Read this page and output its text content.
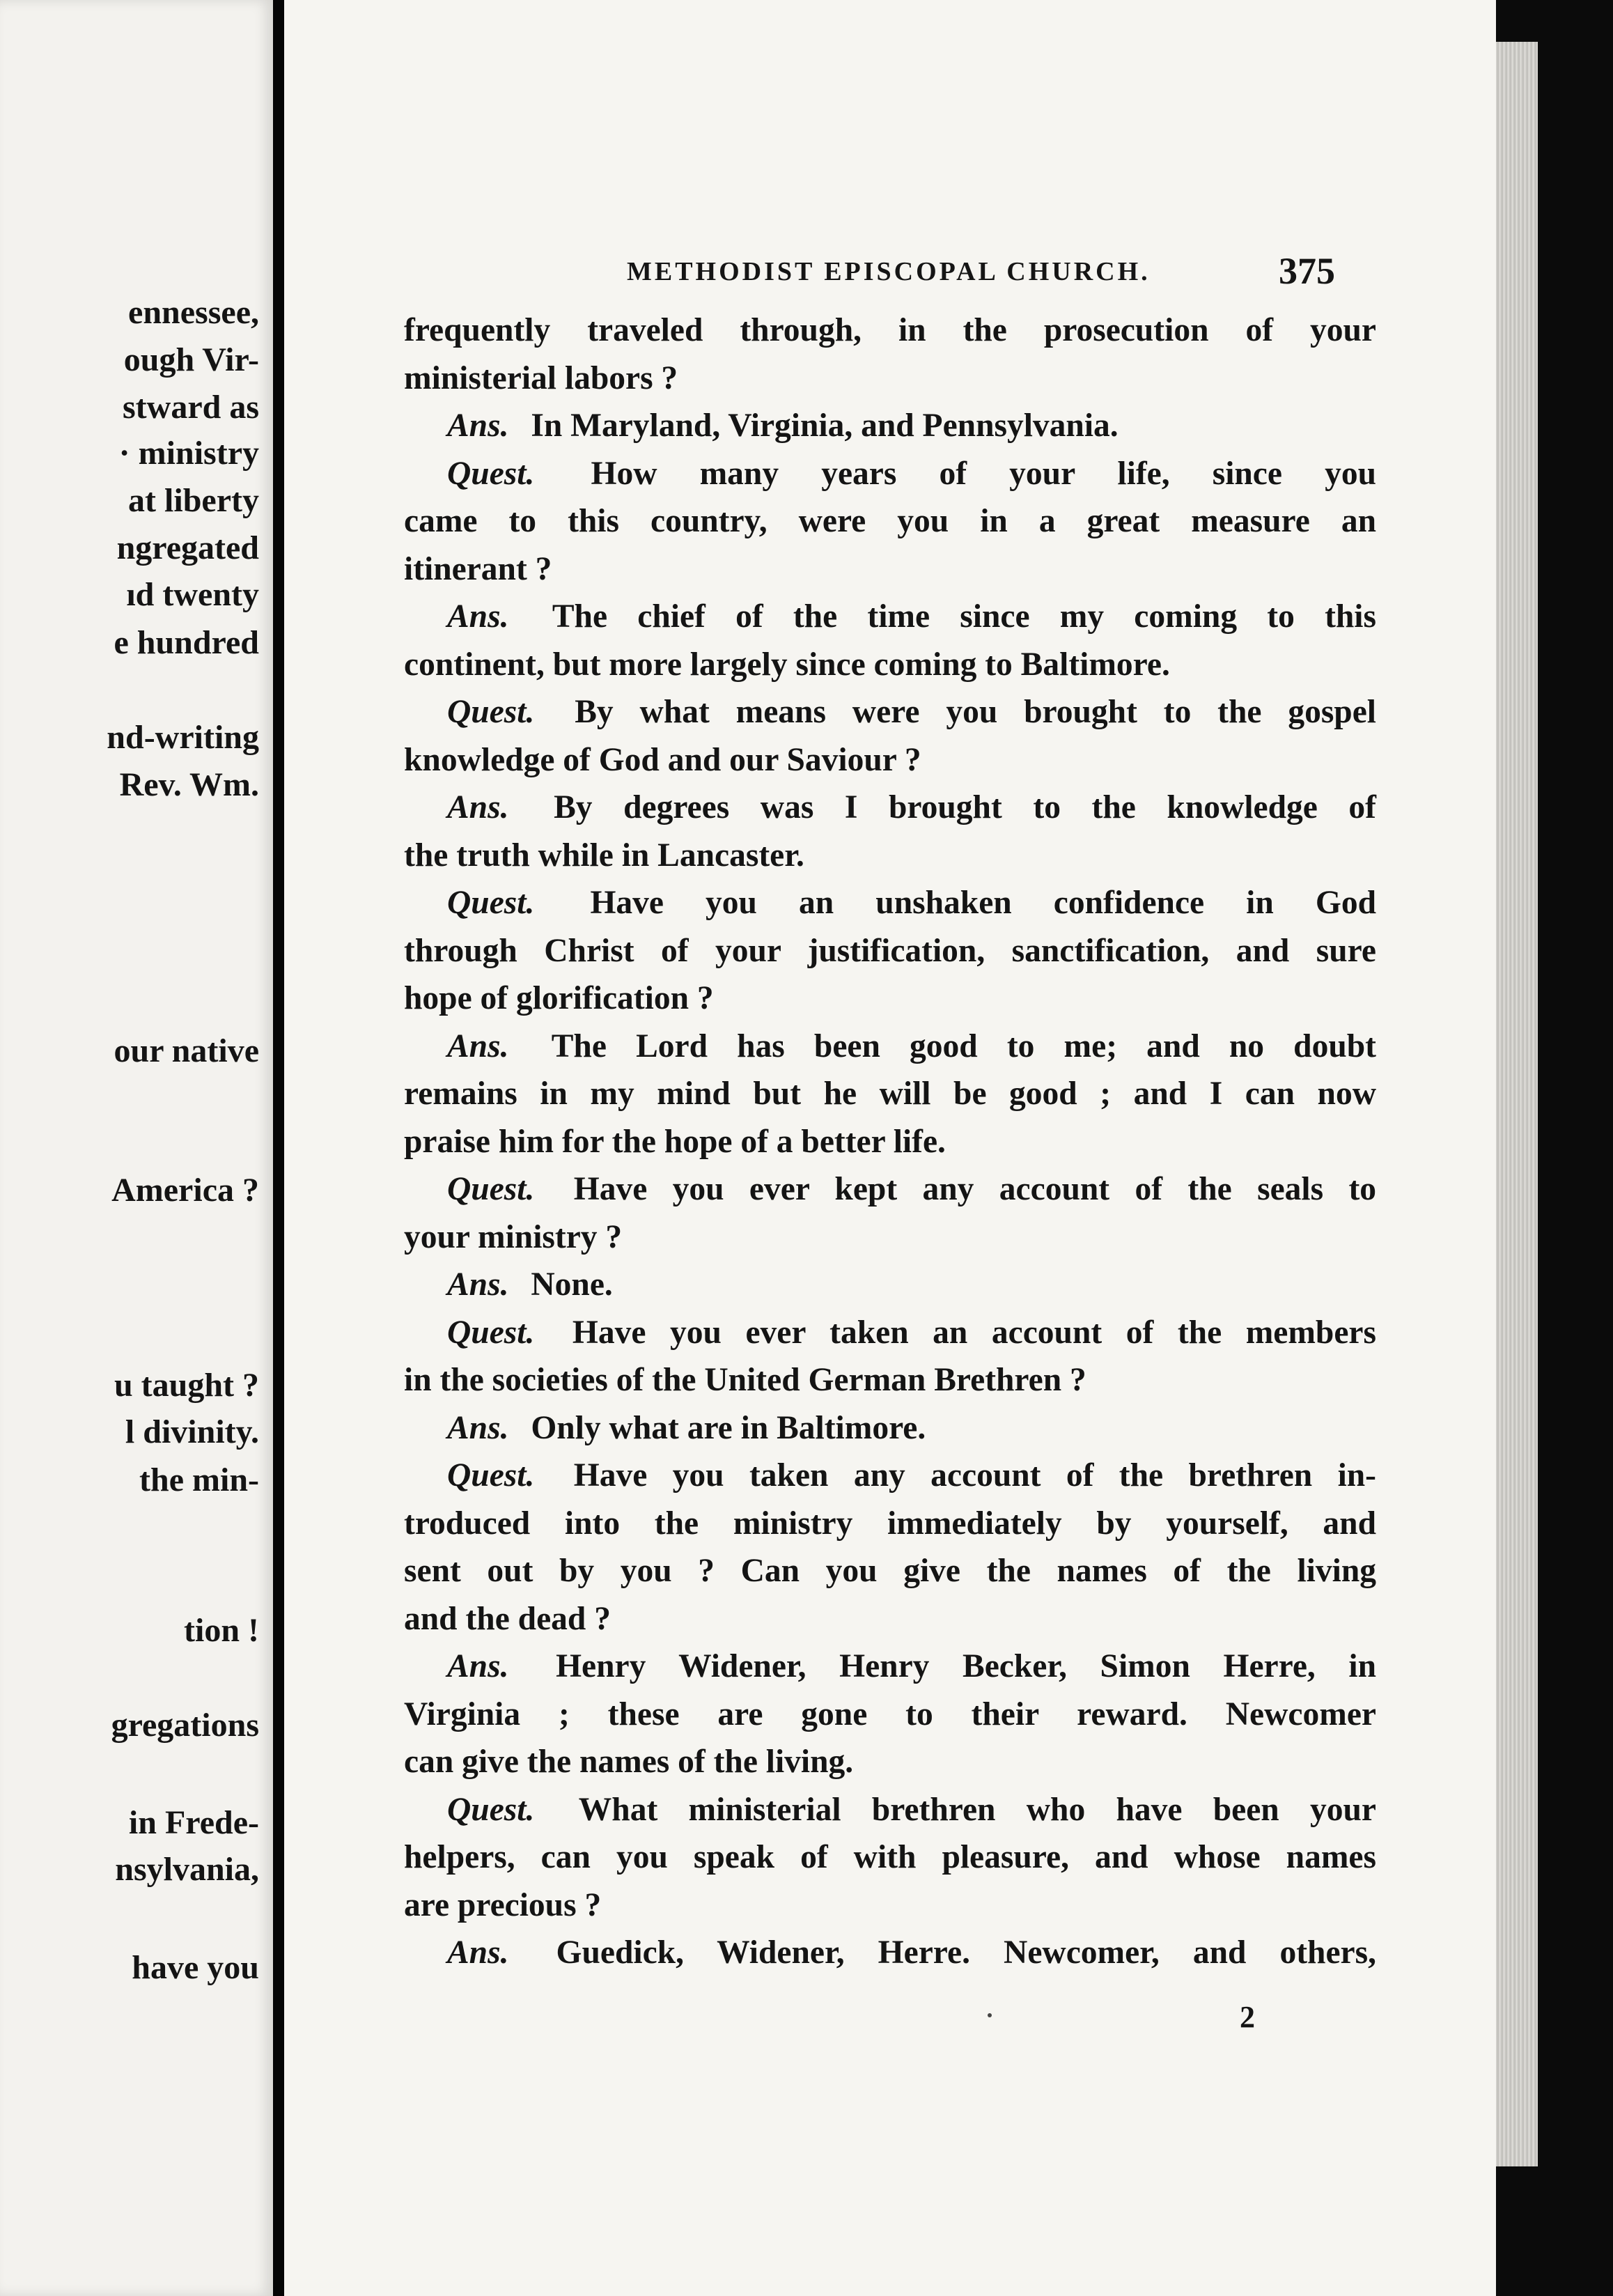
ennessee,
ough Vir-
stward as
· ministry
at liberty
ngregated
ıd twenty
e hundred
nd-writing
Rev. Wm.
our native
America ?
u taught ?
l divinity.
the min-
tion !
gregations
in Frede-
nsylvania,
have you
METHODIST EPISCOPAL CHURCH.	375
frequently traveled through, in the prosecution of your
ministerial labors ?
Ans. In Maryland, Virginia, and Pennsylvania.
Quest. How many years of your life, since you
came to this country, were you in a great measure an
itinerant ?
Ans. The chief of the time since my coming to this
continent, but more largely since coming to Baltimore.
Quest. By what means were you brought to the gospel
knowledge of God and our Saviour ?
Ans. By degrees was I brought to the knowledge of
the truth while in Lancaster.
Quest. Have you an unshaken confidence in God
through Christ of your justification, sanctification, and sure
hope of glorification ?
Ans. The Lord has been good to me; and no doubt
remains in my mind but he will be good ; and I can now
praise him for the hope of a better life.
Quest. Have you ever kept any account of the seals to
your ministry ?
Ans. None.
Quest. Have you ever taken an account of the members
in the societies of the United German Brethren ?
Ans. Only what are in Baltimore.
Quest. Have you taken any account of the brethren in-
troduced into the ministry immediately by yourself, and
sent out by you ? Can you give the names of the living
and the dead ?
Ans. Henry Widener, Henry Becker, Simon Herre, in
Virginia ; these are gone to their reward. Newcomer
can give the names of the living.
Quest. What ministerial brethren who have been your
helpers, can you speak of with pleasure, and whose names
are precious ?
Ans. Guedick, Widener, Herre. Newcomer, and others,
2
